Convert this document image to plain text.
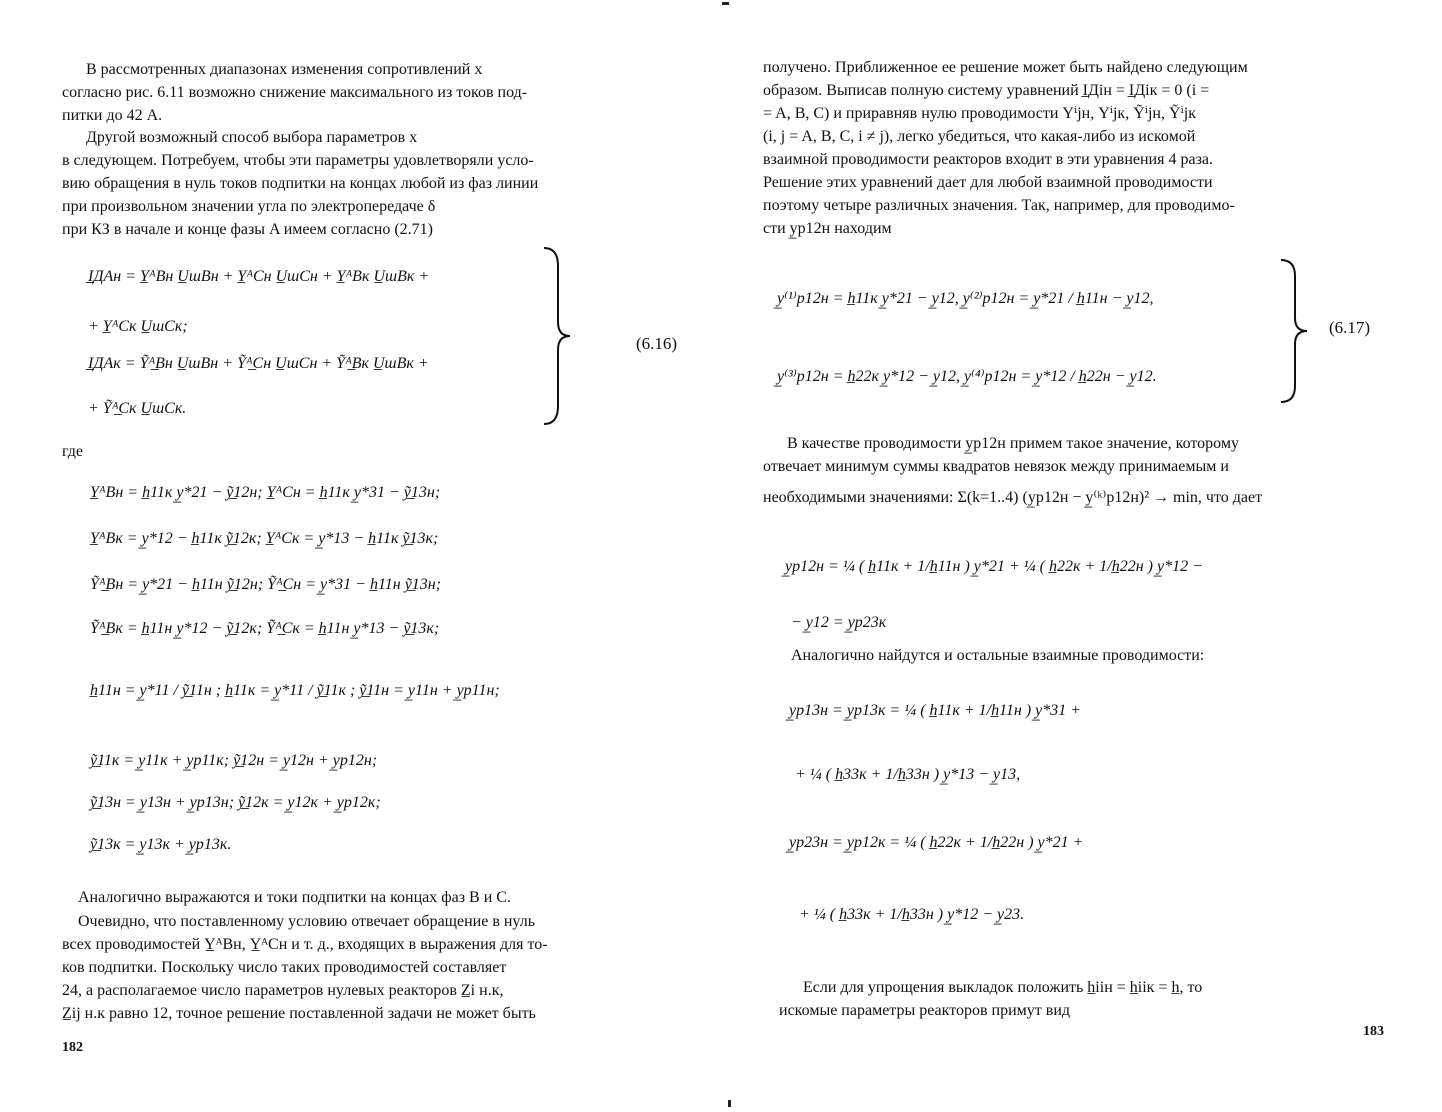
В рассмотренных диапазонах изменения сопротивлений x
согласно рис. 6.11 возможно снижение максимального из токов под-
питки до 42 А.
Другой возможный способ выбора параметров x
в следующем. Потребуем, чтобы эти параметры удовлетворяли усло-
вию обращения в нуль токов подпитки на концах любой из фаз линии
при произвольном значении угла по электропередаче δ
при КЗ в начале и конце фазы A имеем согласно (2.71)
I̲ДАн = Y̲ᴬВн U̲шВн + Y̲ᴬСн U̲шСн + Y̲ᴬВк U̲шВк +
+ Y̲ᴬСк U̲шСк;
I̲ДАк = Ỹᴬ̲Вн U̲шВн + Ỹᴬ̲Сн U̲шСн + Ỹᴬ̲Вк U̲шВк +
+ Ỹᴬ̲Ск U̲шСк.
(6.16)
где
Y̲ᴬВн = h̲11к y̲*21 − ỹ̲12н; Y̲ᴬСн = h̲11к y̲*31 − ỹ̲13н;
Y̲ᴬВк = y̲*12 − h̲11к ỹ̲12к; Y̲ᴬСк = y̲*13 − h̲11к ỹ̲13к;
Ỹᴬ̲Вн = y̲*21 − h̲11н ỹ̲12н; Ỹᴬ̲Сн = y̲*31 − h̲11н ỹ̲13н;
Ỹᴬ̲Вк = h̲11н y̲*12 − ỹ̲12к; Ỹᴬ̲Ск = h̲11н y̲*13 − ỹ̲13к;
h̲11н = y̲*11 / ỹ̲11н ; h̲11к = y̲*11 / ỹ̲11к ; ỹ̲11н = y̲11н + y̲р11н;
ỹ̲11к = y̲11к + y̲р11к; ỹ̲12н = y̲12н + y̲р12н;
ỹ̲13н = y̲13н + y̲р13н; ỹ̲12к = y̲12к + y̲р12к;
ỹ̲13к = y̲13к + y̲р13к.
Аналогично выражаются и токи подпитки на концах фаз B и C.
Очевидно, что поставленному условию отвечает обращение в нуль
всех проводимостей Y̲ᴬВн, Y̲ᴬСн и т. д., входящих в выражения для то-
ков подпитки. Поскольку число таких проводимостей составляет
24, а располагаемое число параметров нулевых реакторов Z̲i н.к,
Z̲ij н.к равно 12, точное решение поставленной задачи не может быть
182
получено. Приближенное ее решение может быть найдено следующим
образом. Выписав полную систему уравнений I̲Дiн = I̲Дiк = 0 (i =
= A, B, C) и приравняв нулю проводимости Yⁱjн, Yⁱjк, Ỹⁱjн, Ỹⁱjк
(i, j = A, B, C, i ≠ j), легко убедиться, что какая-либо из искомой
взаимной проводимости реакторов входит в эти уравнения 4 раза.
Решение этих уравнений дает для любой взаимной проводимости
поэтому четыре различных значения. Так, например, для проводимо-
сти y̲р12н находим
y̲⁽¹⁾р12н = h̲11к y̲*21 − y̲12, y̲⁽²⁾р12н = y̲*21 / h̲11н − y̲12,
y̲⁽³⁾р12н = h̲22к y̲*12 − y̲12, y̲⁽⁴⁾р12н = y̲*12 / h̲22н − y̲12.
(6.17)
В качестве проводимости y̲р12н примем такое значение, которому
отвечает минимум суммы квадратов невязок между принимаемым и
необходимыми значениями: Σ(k=1..4) (y̲р12н − y̲⁽ᵏ⁾р12н)² → min, что дает
y̲р12н = ¼ ( h̲11к + 1/h̲11н ) y̲*21 + ¼ ( h̲22к + 1/h̲22н ) y̲*12 −
− y̲12 = y̲р23к
Аналогично найдутся и остальные взаимные проводимости:
y̲р13н = y̲р13к = ¼ ( h̲11к + 1/h̲11н ) y̲*31 +
+ ¼ ( h̲33к + 1/h̲33н ) y̲*13 − y̲13,
y̲р23н = y̲р12к = ¼ ( h̲22к + 1/h̲22н ) y̲*21 +
+ ¼ ( h̲33к + 1/h̲33н ) y̲*12 − y̲23.
Если для упрощения выкладок положить h̲iiн = h̲iiк = h̲, то
искомые параметры реакторов примут вид
183
